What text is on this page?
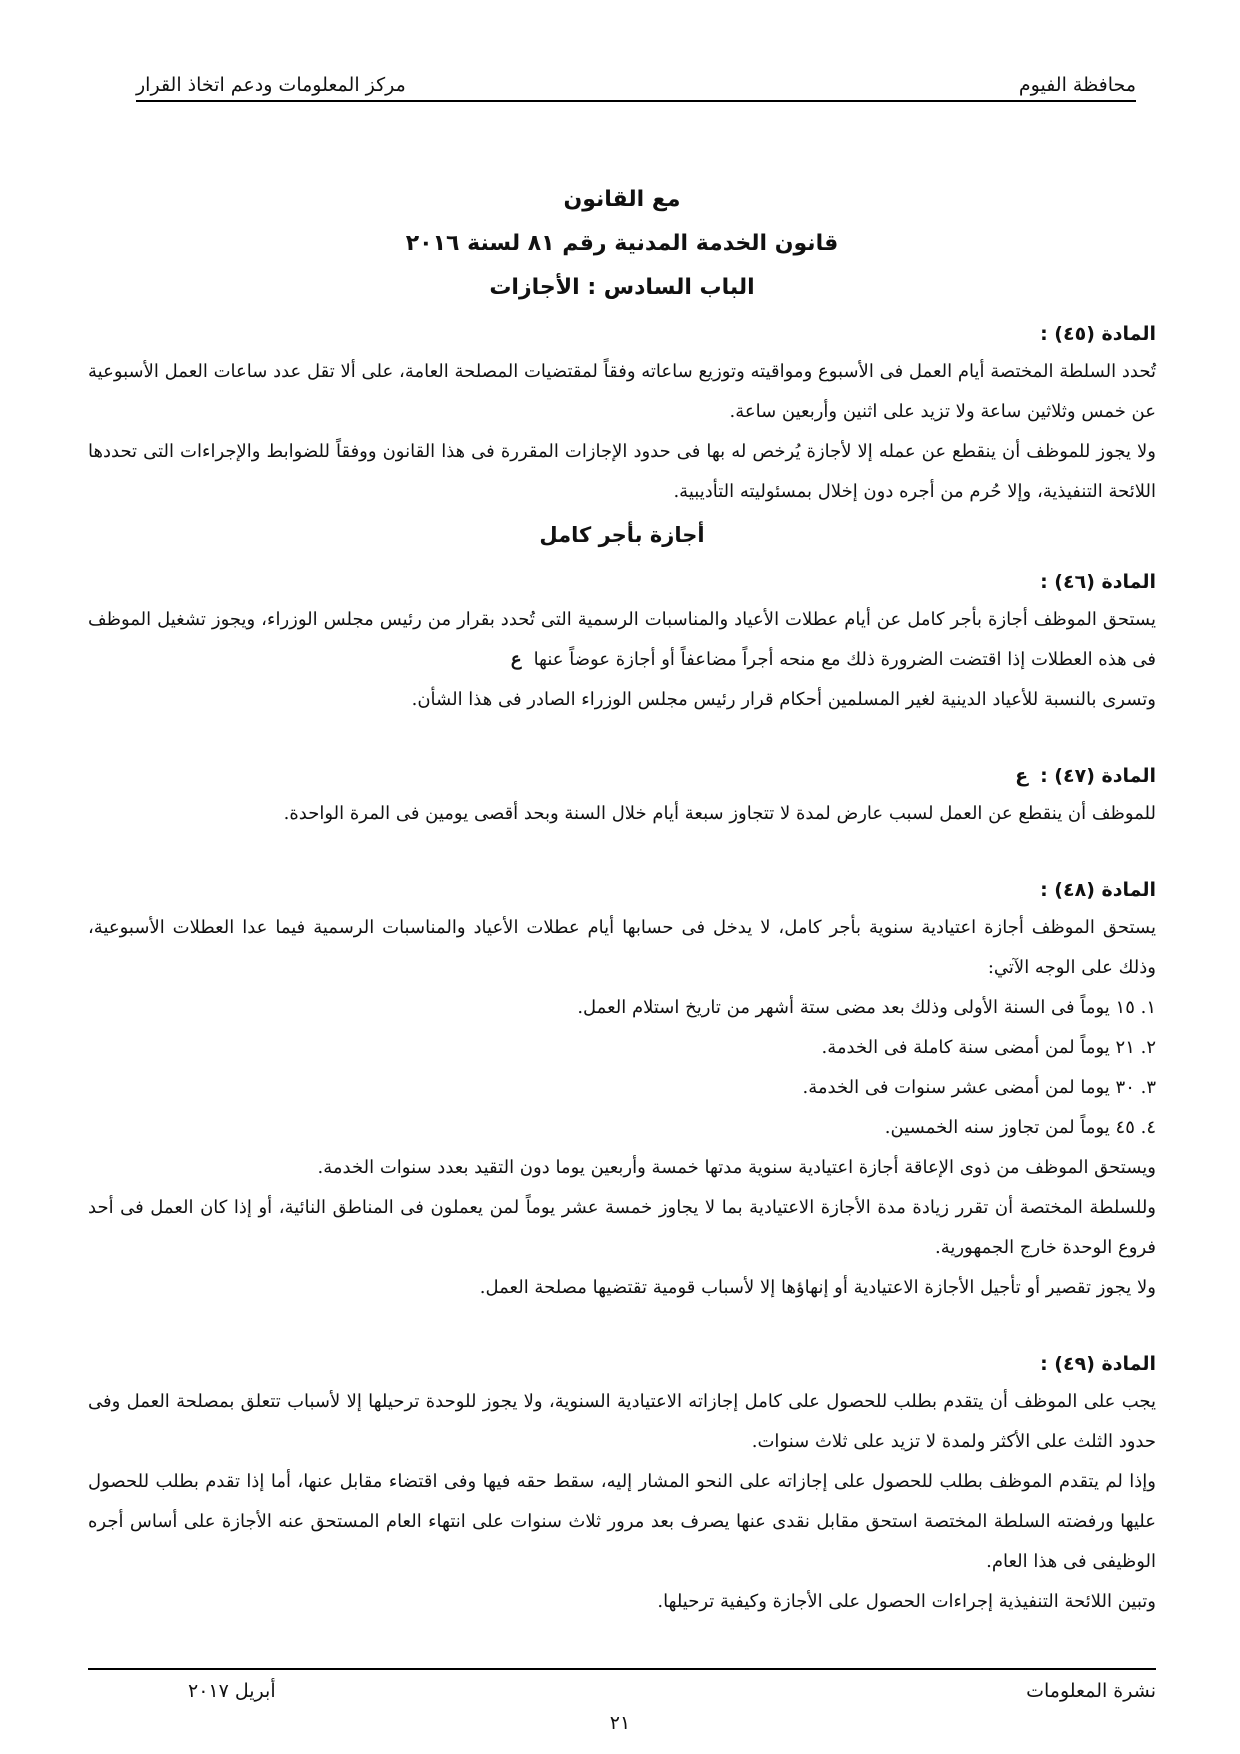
محافظة الفيوم
مركز المعلومات ودعم اتخاذ القرار
مع القانون
قانون الخدمة المدنية رقم ٨١ لسنة ٢٠١٦
الباب السادس : الأجازات
المادة (٤٥) :

تُحدد السلطة المختصة أيام العمل فى الأسبوع ومواقيته وتوزيع ساعاته وفقاً لمقتضيات المصلحة العامة، على ألا تقل عدد ساعات العمل الأسبوعية عن خمس وثلاثين ساعة ولا تزيد على اثنين وأربعين ساعة.

ولا يجوز للموظف أن ينقطع عن عمله إلا لأجازة يُرخص له بها فى حدود الإجازات المقررة فى هذا القانون ووفقاً للضوابط والإجراءات التى تحددها اللائحة التنفيذية، وإلا حُرم من أجره دون إخلال بمسئوليته التأديبية.

أجازة بأجر كامل
المادة (٤٦) :

يستحق الموظف أجازة بأجر كامل عن أيام عطلات الأعياد والمناسبات الرسمية التى تُحدد بقرار من رئيس مجلس الوزراء، ويجوز تشغيل الموظف فى هذه العطلات إذا اقتضت الضرورة ذلك مع منحه أجراً مضاعفاً أو أجازة عوضاً عنهاع

وتسرى بالنسبة للأعياد الدينية لغير المسلمين أحكام قرار رئيس مجلس الوزراء الصادر فى هذا الشأن.

المادة (٤٧) :ع

للموظف أن ينقطع عن العمل لسبب عارض لمدة لا تتجاوز سبعة أيام خلال السنة وبحد أقصى يومين فى المرة الواحدة.

المادة (٤٨) :

يستحق الموظف أجازة اعتيادية سنوية بأجر كامل، لا يدخل فى حسابها أيام عطلات الأعياد والمناسبات الرسمية فيما عدا العطلات الأسبوعية، وذلك على الوجه الآتي:

١. ١٥ يوماً فى السنة الأولى وذلك بعد مضى ستة أشهر من تاريخ استلام العمل.
٢. ٢١ يوماً لمن أمضى سنة كاملة فى الخدمة.
٣. ٣٠ يوما لمن أمضى عشر سنوات فى الخدمة.
٤. ٤٥ يوماً لمن تجاوز سنه الخمسين.

ويستحق الموظف من ذوى الإعاقة أجازة اعتيادية سنوية مدتها خمسة وأربعين يوما دون التقيد بعدد سنوات الخدمة.

وللسلطة المختصة أن تقرر زيادة مدة الأجازة الاعتيادية بما لا يجاوز خمسة عشر يوماً لمن يعملون فى المناطق النائية، أو إذا كان العمل فى أحد فروع الوحدة خارج الجمهورية.

ولا يجوز تقصير أو تأجيل الأجازة الاعتيادية أو إنهاؤها إلا لأسباب قومية تقتضيها مصلحة العمل.

المادة (٤٩) :

يجب على الموظف أن يتقدم بطلب للحصول على كامل إجازاته الاعتيادية السنوية، ولا يجوز للوحدة ترحيلها إلا لأسباب تتعلق بمصلحة العمل وفى حدود الثلث على الأكثر ولمدة لا تزيد على ثلاث سنوات.

وإذا لم يتقدم الموظف بطلب للحصول على إجازاته على النحو المشار إليه، سقط حقه فيها وفى اقتضاء مقابل عنها، أما إذا تقدم بطلب للحصول عليها ورفضته السلطة المختصة استحق مقابل نقدى عنها يصرف بعد مرور ثلاث سنوات على انتهاء العام المستحق عنه الأجازة على أساس أجره الوظيفى فى هذا العام.

وتبين اللائحة التنفيذية إجراءات الحصول على الأجازة وكيفية ترحيلها.

نشرة المعلومات
أبريل ٢٠١٧
٢١
